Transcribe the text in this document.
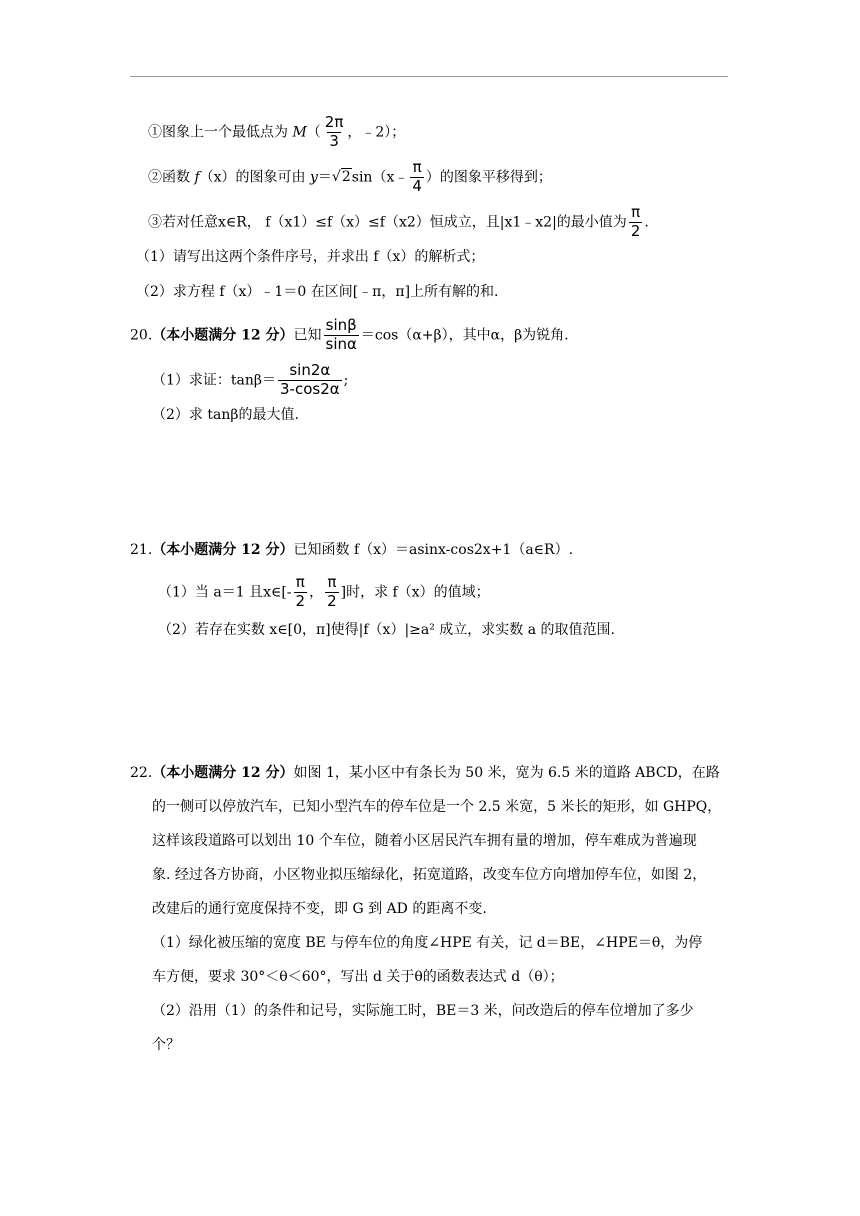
①图象上一个最低点为 $M( \frac{2\pi}{3}$ ，﹣2）；
②函数 f（x）的图象可由 y＝√2sin（x﹣ $\frac{\pi}{4}$ ）的图象平移得到；
③若对任意x∈R， f（x1）≤f（x）≤f（x2）恒成立，且|x1﹣x2|的最小值为 $\frac{\pi}{2}$ .
（1）请写出这两个条件序号，并求出 f（x）的解析式；
（2）求方程 f（x）﹣1＝0 在区间[﹣π，π]上所有解的和.
20.（本小题满分 12 分）已知 $\frac{\sin\beta}{\sin\alpha} =\cos(\alpha+\beta)$，其中α，β为锐角.
（1）求证：$\tan\beta= \frac{\sin 2\alpha}{3-\cos 2\alpha}$ ;
（2）求 tanβ的最大值.
21.（本小题满分 12 分）已知函数 f（x）＝asinx-cos2x+1（a∈R）.
（1）当 a＝1 且x∈[- $\frac{\pi}{2}$ ， $\frac{\pi}{2}$ ]时，求 f（x）的值域；
（2）若存在实数 x∈[0，π]使得|f（x）|≥a² 成立，求实数 a 的取值范围.
22.（本小题满分 12 分）如图 1，某小区中有条长为 50 米，宽为 6.5 米的道路 ABCD，在路
的一侧可以停放汽车，已知小型汽车的停车位是一个 2.5 米宽，5 米长的矩形，如 GHPQ，
这样该段道路可以划出 10 个车位，随着小区居民汽车拥有量的增加，停车难成为普遍现
象. 经过各方协商，小区物业拟压缩绿化，拓宽道路，改变车位方向增加停车位，如图 2，
改建后的通行宽度保持不变，即 G 到 AD 的距离不变.
（1）绿化被压缩的宽度 BE 与停车位的角度∠HPE 有关，记 d＝BE，∠HPE＝θ，为停
车方便，要求 30°＜θ＜60°，写出 d 关于θ的函数表达式 d（θ）；
（2）沿用（1）的条件和记号，实际施工时，BE＝3 米，问改造后的停车位增加了多少
个？
